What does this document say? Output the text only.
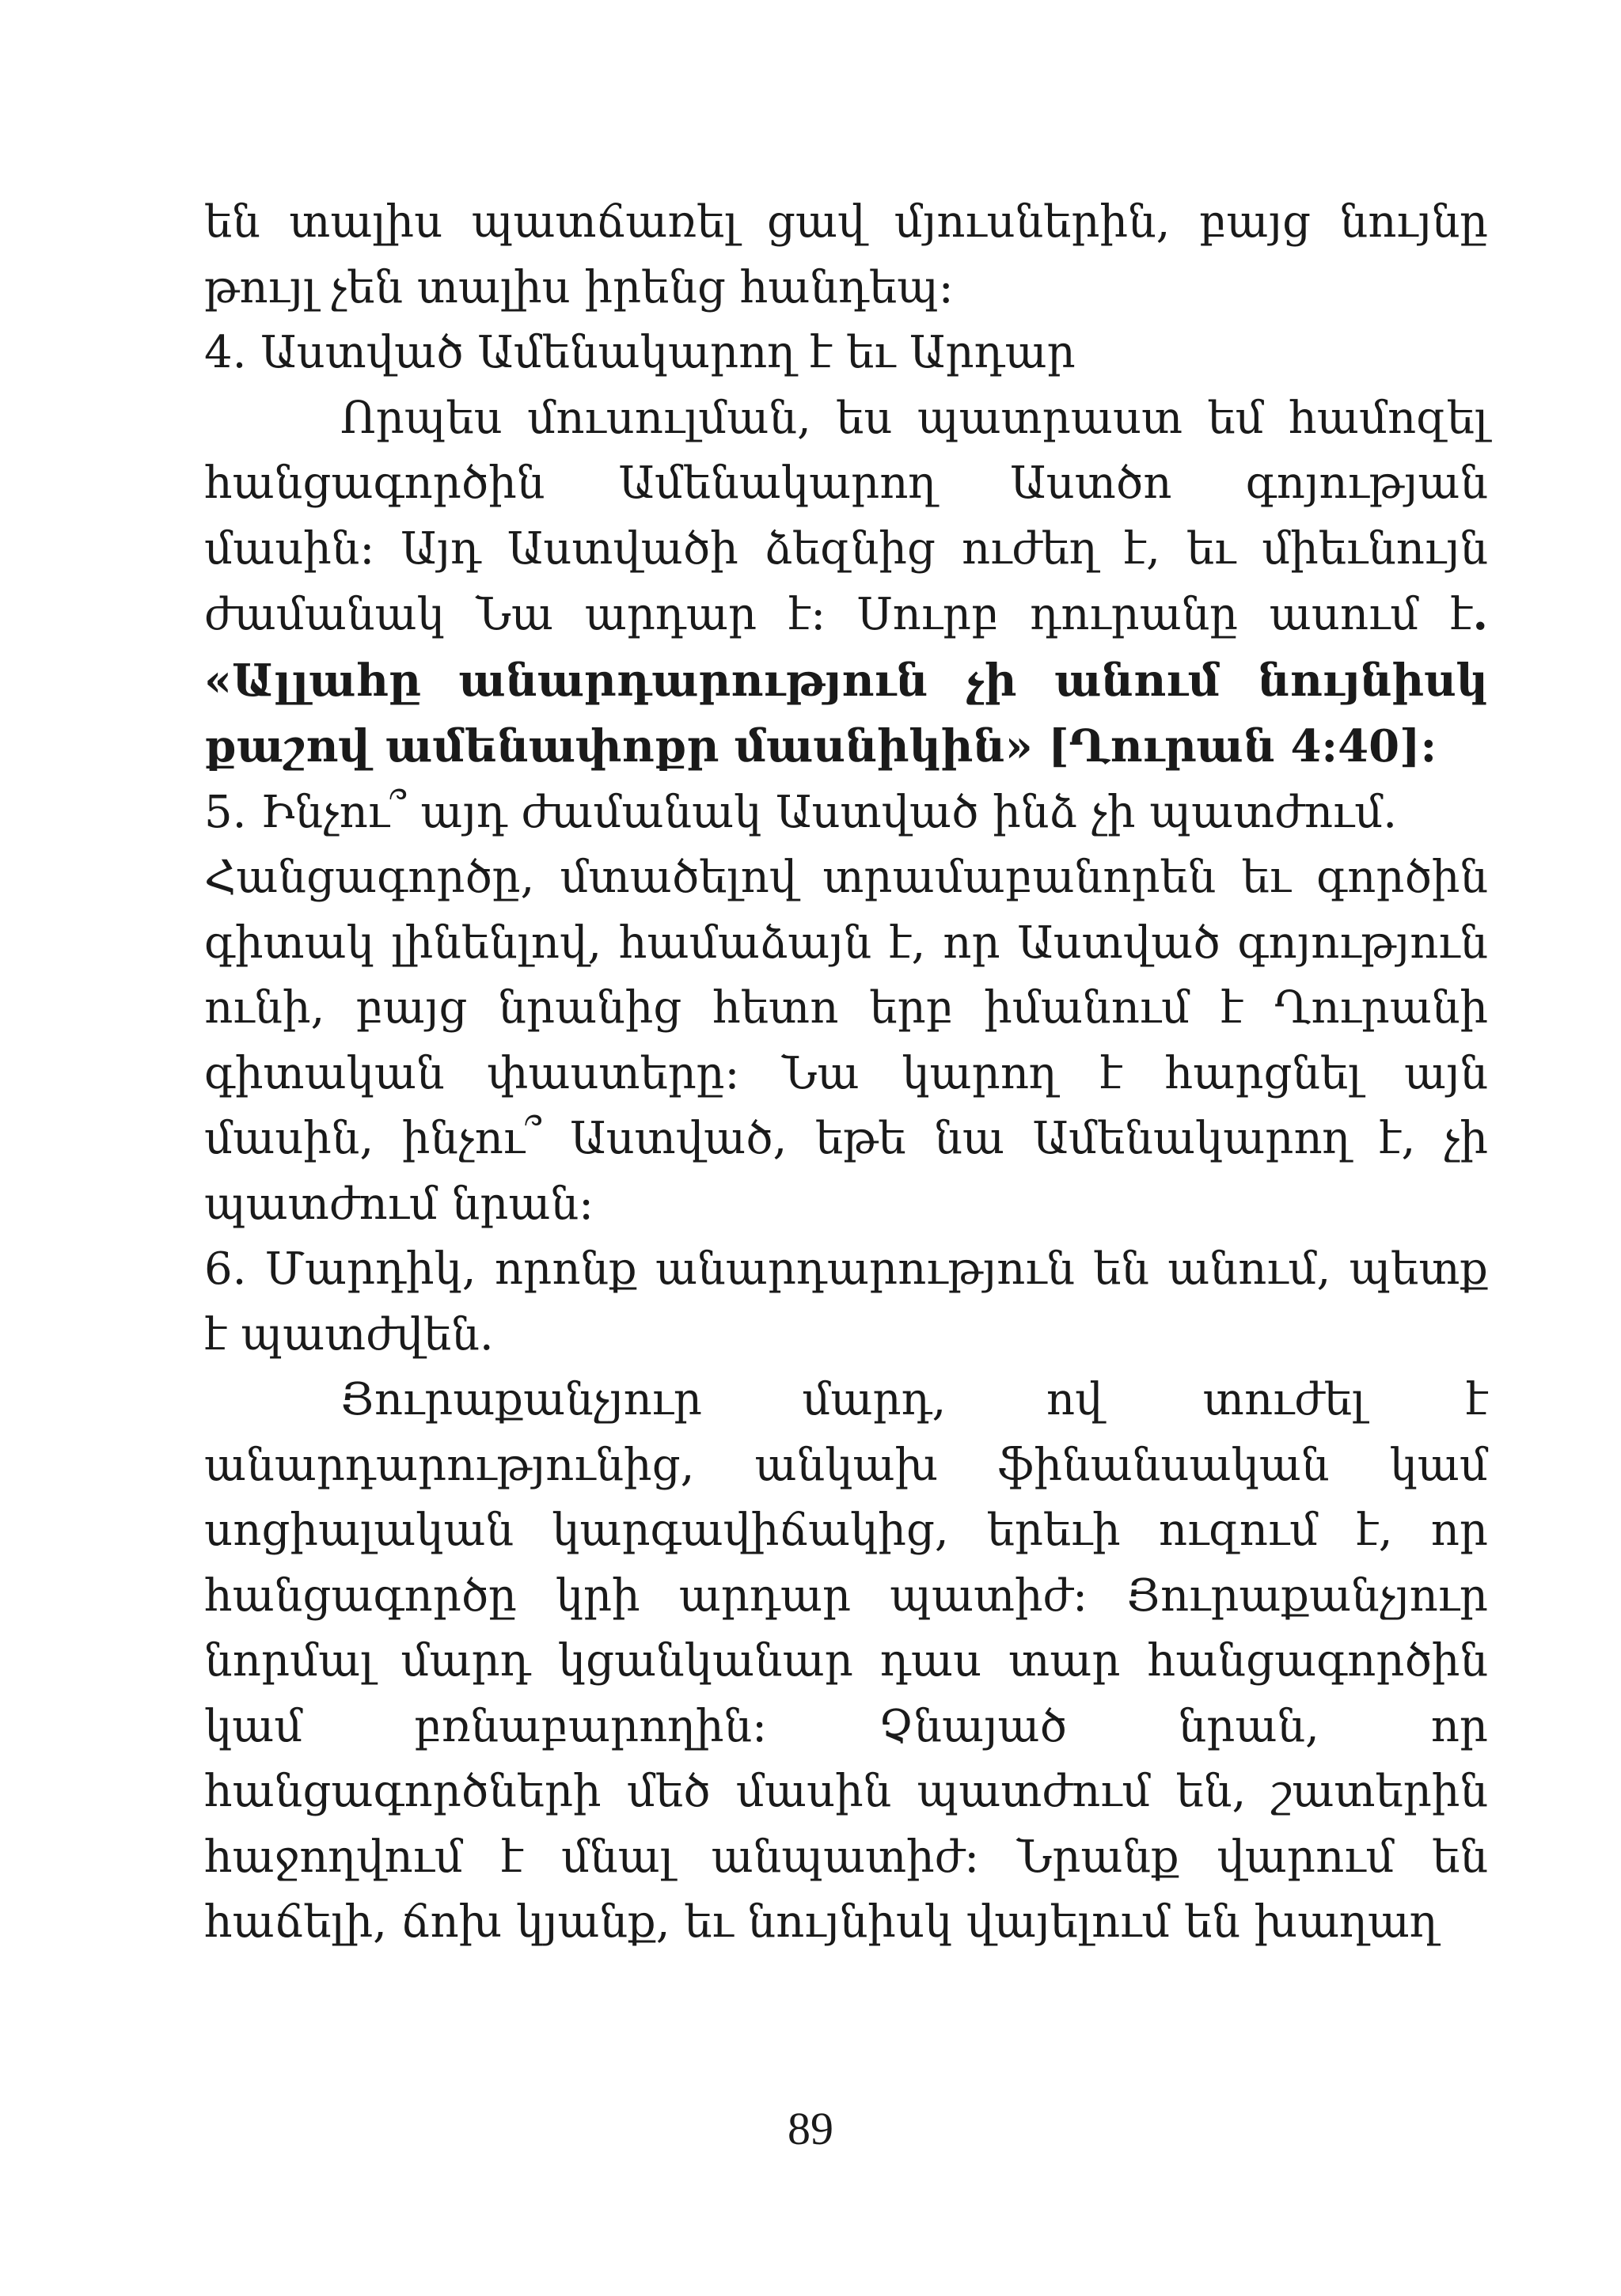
են տալիս պատճառել ցավ մյուսներին, բայց նույնը թույլ չեն տալիս իրենց հանդեպ:

4. Աստված Ամենակարող է եւ Արդար

Որպես մուսուլման, ես պատրաստ եմ համոզել հանցագործին Ամենակարող Աստծո գոյության մասին: Այդ Աստվածի ձեզնից ուժեղ է, եւ միեւնույն ժամանակ Նա արդար է: Սուրբ դուրանը ասում է. «Ալլահը անարդարություն չի անում նույնիսկ քաշով ամենափոքր մասնիկին» [Ղուրան 4:40]:

5. Ինչու՞ այդ ժամանակ Աստված ինձ չի պատժում.

Հանցագործը, մտածելով տրամաբանորեն եւ գործին գիտակ լինենլով, համաձայն է, որ Աստված գոյություն ունի, բայց նրանից հետո երբ իմանում է Ղուրանի գիտական փաստերը: Նա կարող է հարցնել այն մասին, ինչու՞ Աստված, եթե նա Ամենակարող է, չի պատժում նրան:

6. Մարդիկ, որոնք անարդարություն են անում, պետք է պատժվեն.

Յուրաքանչյուր մարդ, ով տուժել է անարդարությունից, անկախ ֆինանսական կամ սոցիալական կարգավիճակից, երեւի ուզում է, որ հանցագործը կրի արդար պատիժ: Յուրաքանչյուր նորմալ մարդ կցանկանար դաս տար հանցագործին կամ բռնաբարողին: Չնայած նրան, որ հանցագործների մեծ մասին պատժում են, շատերին հաջողվում է մնալ անպատիժ: Նրանք վարում են հաճելի, ճոխ կյանք, եւ նույնիսկ վայելում են խաղաղ

89
